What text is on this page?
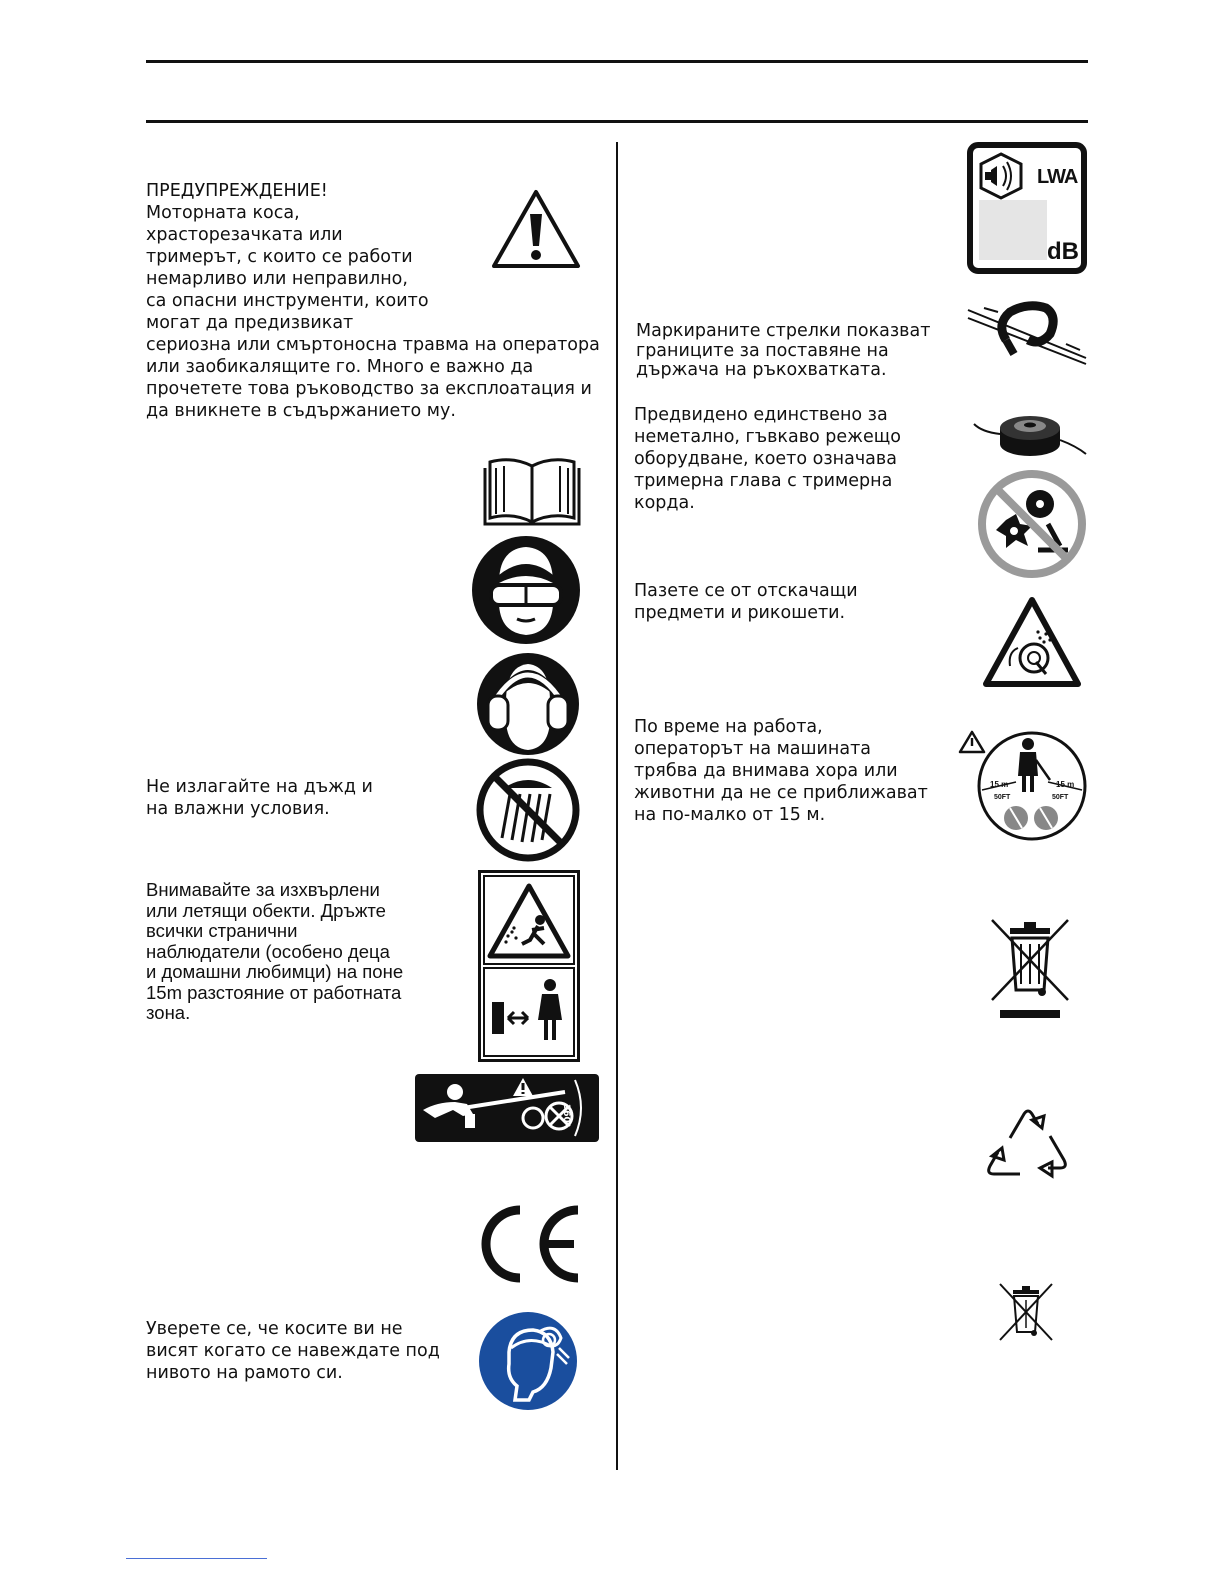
ПРЕДУПРЕЖДЕНИЕ!
Моторната коса,
храсторезачката или
тримерът, с които се работи
немарливо или неправилно,
са опасни инструменти, които
могат да предизвикат
сериозна или смъртоносна травма на оператора
или заобикалящите го. Много е важно да
прочетете това ръководство за експлоатация и
да вникнете в съдържанието му.
Не излагайте на дъжд и
на влажни условия.
Внимавайте за изхвърлени
или летящи обекти. Дръжте
всички странични
наблюдатели (особено деца
и домашни любимци) на поне
15m разстояние от работната
зона.
360°
Уверете се, че косите ви не
висят когато се навеждате под
нивото на рамото си.
LWA
dB
Маркираните стрелки показват
границите за поставяне на
държача на ръкохватката.
Предвидено единствено за
неметално, гъвкаво режещо
оборудване, което означава
тримерна глава с тримерна
корда.
Пазете се от отскачащи
предмети и рикошети.
По време на работа,
операторът на машината
трябва да внимава хора или
животни да не се приближават
на по-малко от 15 м.
15 m	15 m
50FT	50FT
